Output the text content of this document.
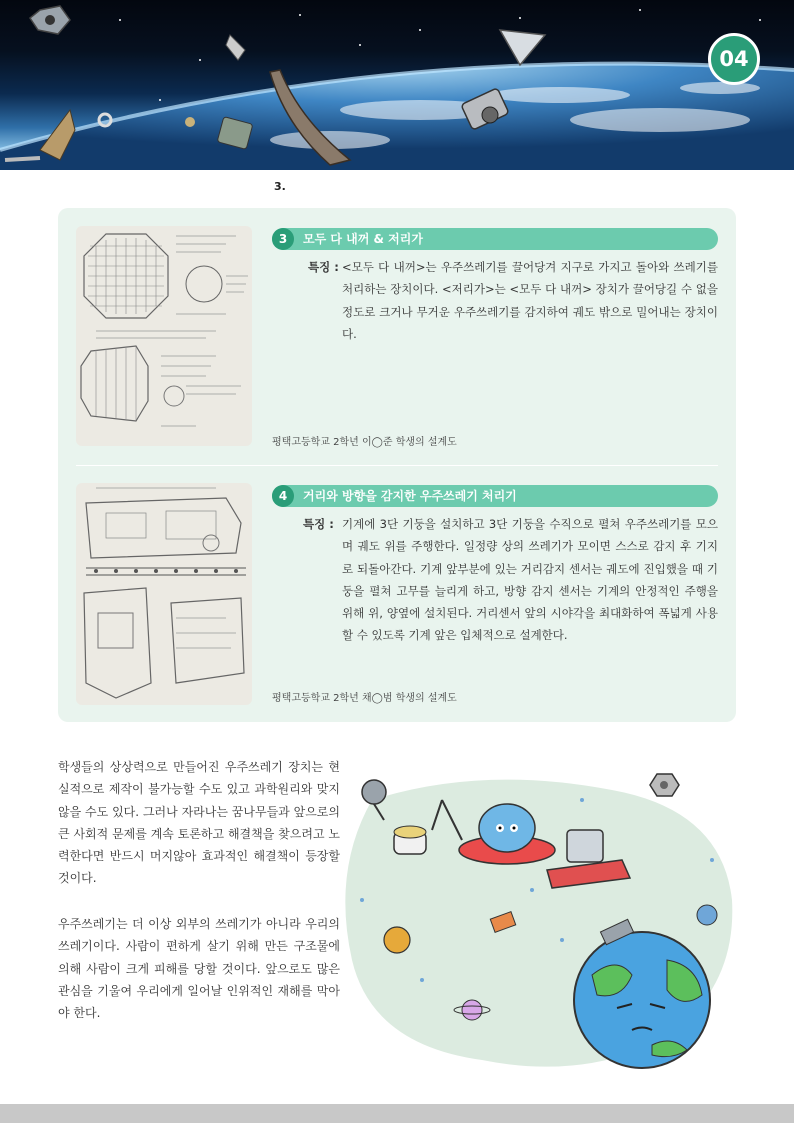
04
3.
3	모두 다 내꺼 & 저리가
특징 : <모두 다 내꺼>는 우주쓰레기를 끌어당겨 지구로 가지고 돌아와 쓰레기를 처리하는 장치이다. <저리가>는 <모두 다 내꺼> 장치가 끌어당길 수 없을 정도로 크거나 무거운 우주쓰레기를 감지하여 궤도 밖으로 밀어내는 장치이다.
평택고등학교 2학년 이◯준 학생의 설계도
4	거리와 방향을 감지한 우주쓰레기 처리기
특징 : 기계에 3단 기둥을 설치하고 3단 기둥을 수직으로 펼쳐 우주쓰레기를 모으며 궤도 위를 주행한다. 일정량 상의 쓰레기가 모이면 스스로 감지 후 기지로 되돌아간다. 기계 앞부분에 있는 거리감지 센서는 궤도에 진입했을 때 기둥을 펼쳐 고무를 늘리게 하고, 방향 감지 센서는 기계의 안정적인 주행을 위해 위, 양옆에 설치된다. 거리센서 앞의 시야각을 최대화하여 폭넓게 사용할 수 있도록 기계 앞은 입체적으로 설계한다.
평택고등학교 2학년 채◯범 학생의 설계도
학생들의 상상력으로 만들어진 우주쓰레기 장치는 현실적으로 제작이 불가능할 수도 있고 과학원리와 맞지 않을 수도 있다. 그러나 자라나는 꿈나무들과 앞으로의 큰 사회적 문제를 계속 토론하고 해결책을 찾으려고 노력한다면 반드시 머지않아 효과적인 해결책이 등장할 것이다.
우주쓰레기는 더 이상 외부의 쓰레기가 아니라 우리의 쓰레기이다. 사람이 편하게 살기 위해 만든 구조물에 의해 사람이 크게 피해를 당할 것이다. 앞으로도 많은 관심을 기울여 우리에게 일어날 인위적인 재해를 막아야 한다.
